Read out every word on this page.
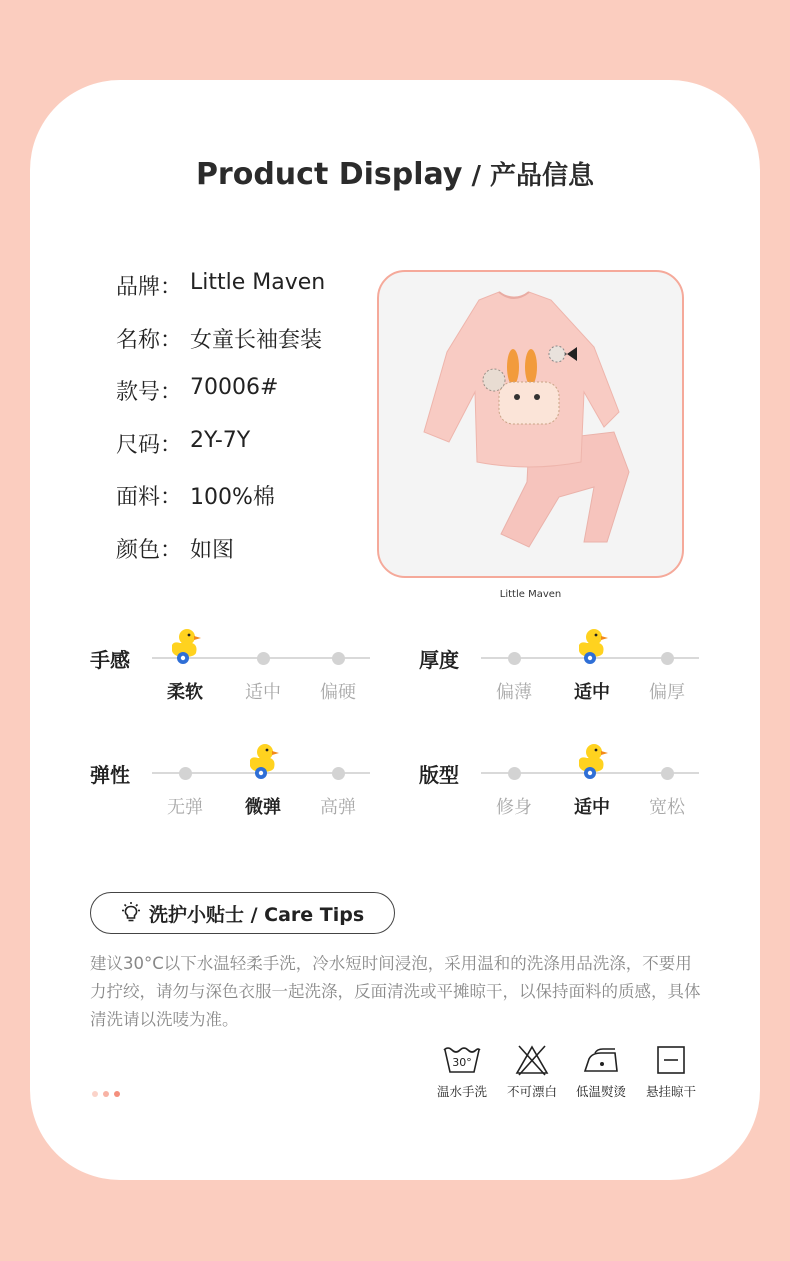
Product Display / 产品信息
品牌： Little Maven
名称： 女童长袖套装
款号： 70006#
尺码： 2Y-7Y
面料： 100%棉
颜色： 如图
Little Maven
手感
柔软	适中	偏硬
厚度
偏薄	适中	偏厚
弹性
无弹	微弹	高弹
版型
修身	适中	宽松
洗护小贴士 / Care Tips
建议30°C以下水温轻柔手洗，冷水短时间浸泡，采用温和的洗涤用品洗涤，不要用
力拧绞，请勿与深色衣服一起洗涤，反面清洗或平摊晾干，以保持面料的质感，具体
清洗请以洗唛为准。
30°
温水手洗	不可漂白	低温熨烫	悬挂晾干
